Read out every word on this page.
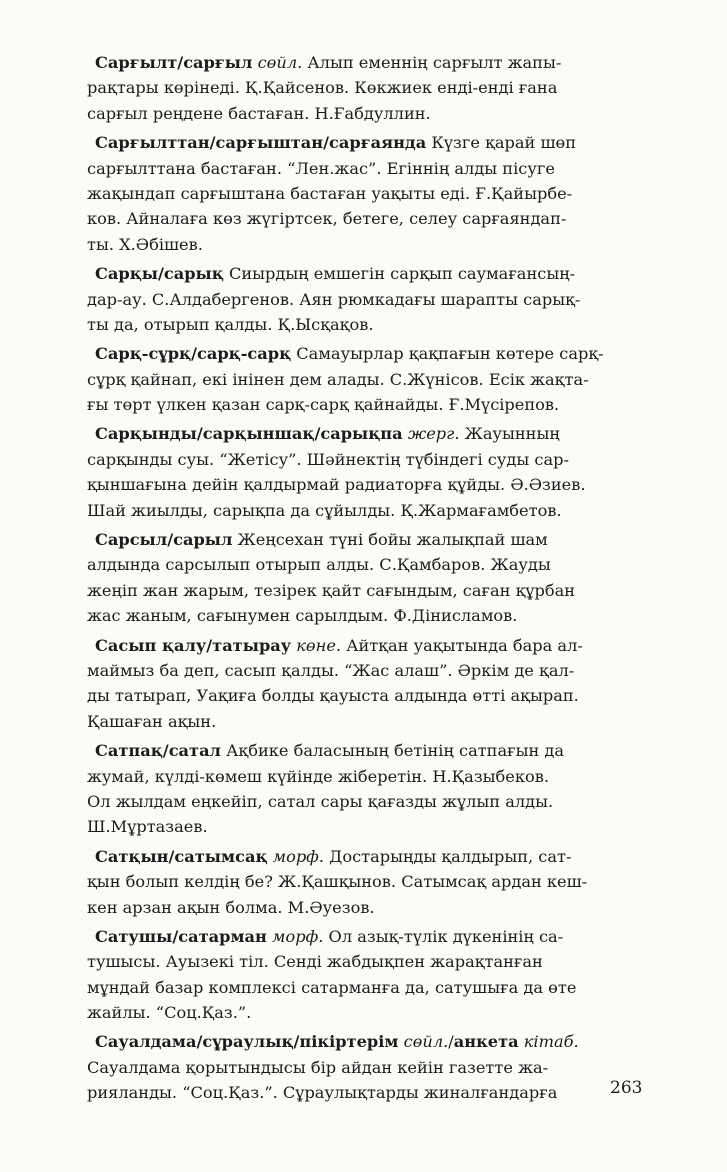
Сарғылт/сарғыл сөйл. Алып еменнің сарғылт жапы-
рақтары көрінеді. Қ.Қайсенов. Көкжиек енді-енді ғана
сарғыл реңдене бастаған. Н.Ғабдуллин.
Сарғылттан/сарғыштан/сарғаянда Күзге қарай шөп
сарғылттана бастаған. “Лен.жас”. Егіннің алды пісуге
жақындап сарғыштана бастаған уақыты еді. Ғ.Қайырбе-
ков. Айналаға көз жүгіртсек, бетеге, селеу сарғаяндап-
ты. Х.Әбішев.
Сарқы/сарық Сиырдың емшегін сарқып саумағансың-
дар-ау. С.Алдабергенов. Аян рюмкадағы шарапты сарық-
ты да, отырып қалды. Қ.Ысқақов.
Сарқ-сұрқ/сарқ-сарқ Самауырлар қақпағын көтере сарқ-
сұрқ қайнап, екі інінен дем алады. С.Жүнісов. Есік жақта-
ғы төрт үлкен қазан сарқ-сарқ қайнайды. Ғ.Мүсірепов.
Сарқынды/сарқыншақ/сарықпа жерг. Жауынның
сарқынды суы. “Жетісу”. Шәйнектің түбіндегі суды сар-
қыншағына дейін қалдырмай радиаторға құйды. Ә.Әзиев.
Шай жиылды, сарықпа да сұйылды. Қ.Жармағамбетов.
Сарсыл/сарыл Жеңсехан түні бойы жалықпай шам
алдында сарсылып отырып алды. С.Қамбаров. Жауды
жеңіп жан жарым, тезірек қайт сағындым, саған құрбан
жас жаным, сағынумен сарылдым. Ф.Дінисламов.
Сасып қалу/татырау көне. Айтқан уақытында бара ал-
маймыз ба деп, сасып қалды. “Жас алаш”. Әркім де қал-
ды татырап, Уақиға болды қауыста алдында өтті ақырап.
Қашаған ақын.
Сатпақ/сатал Ақбике баласының бетінің сатпағын да
жумай, күлді-көмеш күйінде жіберетін. Н.Қазыбеков.
Ол жылдам еңкейіп, сатал сары қағазды жұлып алды.
Ш.Мұртазаев.
Сатқын/сатымсақ морф. Достарыңды қалдырып, сат-
қын болып келдің бе? Ж.Қашқынов. Сатымсақ ардан кеш-
кен арзан ақын болма. М.Әуезов.
Сатушы/сатарман морф. Ол азық-түлік дүкенінің са-
тушысы. Ауызекі тіл. Сенді жабдықпен жарақтанған
мұндай базар комплексі сатарманға да, сатушыға да өте
жайлы. “Соц.Қаз.”.
Сауалдама/сұраулық/пікіртерім сөйл./анкета кітаб.
Сауалдама қорытындысы бір айдан кейін газетте жа-
рияланды. “Соц.Қаз.”. Сұраулықтарды жиналғандарға	263
